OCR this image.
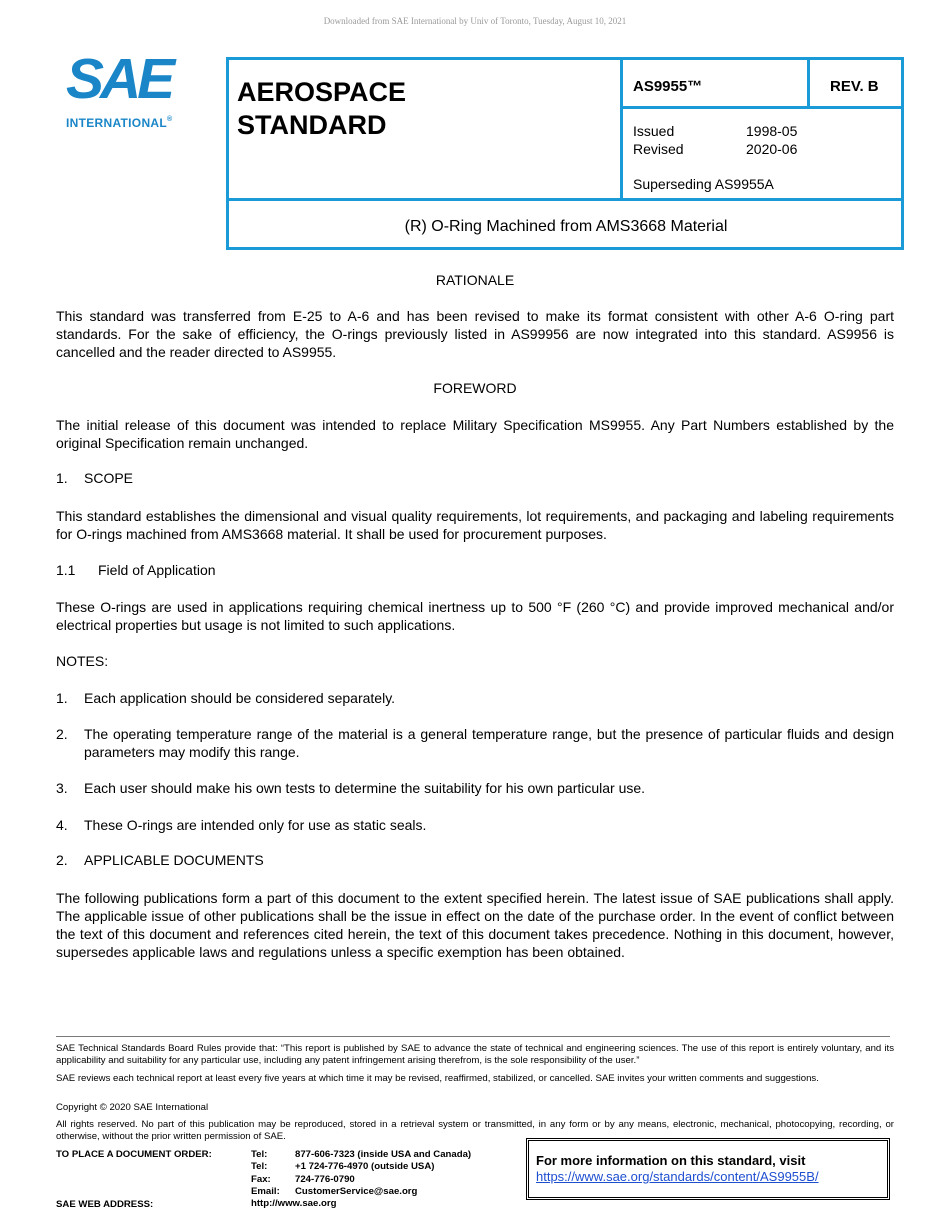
Downloaded from SAE International by Univ of Toronto, Tuesday, August 10, 2021
SAE
INTERNATIONAL®
AEROSPACE
STANDARD
AS9955™	REV. B
Issued	1998-05
Revised	2020-06
Superseding AS9955A
(R) O-Ring Machined from AMS3668 Material
RATIONALE
This standard was transferred from E-25 to A-6 and has been revised to make its format consistent with other A-6 O-ring part standards. For the sake of efficiency, the O-rings previously listed in AS99956 are now integrated into this standard. AS9956 is cancelled and the reader directed to AS9955.
FOREWORD
The initial release of this document was intended to replace Military Specification MS9955. Any Part Numbers established by the original Specification remain unchanged.
1. SCOPE
This standard establishes the dimensional and visual quality requirements, lot requirements, and packaging and labeling requirements for O-rings machined from AMS3668 material. It shall be used for procurement purposes.
1.1 Field of Application
These O-rings are used in applications requiring chemical inertness up to 500 °F (260 °C) and provide improved mechanical and/or electrical properties but usage is not limited to such applications.
NOTES:
1.	Each application should be considered separately.
2.	The operating temperature range of the material is a general temperature range, but the presence of particular fluids and design parameters may modify this range.
3.	Each user should make his own tests to determine the suitability for his own particular use.
4.	These O-rings are intended only for use as static seals.
2. APPLICABLE DOCUMENTS
The following publications form a part of this document to the extent specified herein. The latest issue of SAE publications shall apply. The applicable issue of other publications shall be the issue in effect on the date of the purchase order. In the event of conflict between the text of this document and references cited herein, the text of this document takes precedence. Nothing in this document, however, supersedes applicable laws and regulations unless a specific exemption has been obtained.
SAE Technical Standards Board Rules provide that: “This report is published by SAE to advance the state of technical and engineering sciences. The use of this report is entirely voluntary, and its applicability and suitability for any particular use, including any patent infringement arising therefrom, is the sole responsibility of the user.”
SAE reviews each technical report at least every five years at which time it may be revised, reaffirmed, stabilized, or cancelled. SAE invites your written comments and suggestions.
Copyright © 2020 SAE International
All rights reserved. No part of this publication may be reproduced, stored in a retrieval system or transmitted, in any form or by any means, electronic, mechanical, photocopying, recording, or otherwise, without the prior written permission of SAE.
TO PLACE A DOCUMENT ORDER:
SAE WEB ADDRESS:
Tel:	877-606-7323 (inside USA and Canada)
Tel:	+1 724-776-4970 (outside USA)
Fax:	724-776-0790
Email:	CustomerService@sae.org
http://www.sae.org
For more information on this standard, visit
https://www.sae.org/standards/content/AS9955B/
